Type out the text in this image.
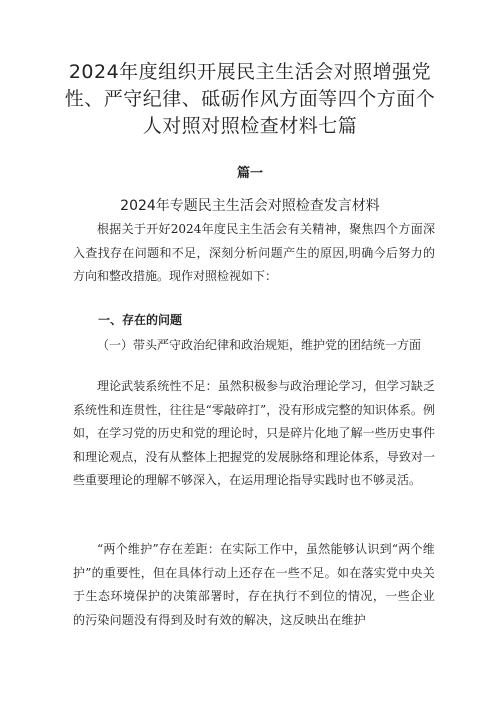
2024年度组织开展民主生活会对照增强党性、严守纪律、砥砺作风方面等四个方面个人对照对照检查材料七篇
篇一
2024年专题民主生活会对照检查发言材料

根据关于开好2024年度民主生活会有关精神，聚焦四个方面深入查找存在问题和不足，深刻分析问题产生的原因,明确今后努力的方向和整改措施。现作对照检视如下：

一、存在的问题

（一）带头严守政治纪律和政治规矩，维护党的团结统一方面

理论武装系统性不足：虽然积极参与政治理论学习，但学习缺乏系统性和连贯性，往往是“零敲碎打”，没有形成完整的知识体系。例如，在学习党的历史和党的理论时，只是碎片化地了解一些历史事件和理论观点，没有从整体上把握党的发展脉络和理论体系，导致对一些重要理论的理解不够深入，在运用理论指导实践时也不够灵活。

“两个维护”存在差距：在实际工作中，虽然能够认识到“两个维护”的重要性，但在具体行动上还存在一些不足。如在落实党中央关于生态环境保护的决策部署时，存在执行不到位的情况，一些企业的污染问题没有得到及时有效的解决，这反映出在维护
